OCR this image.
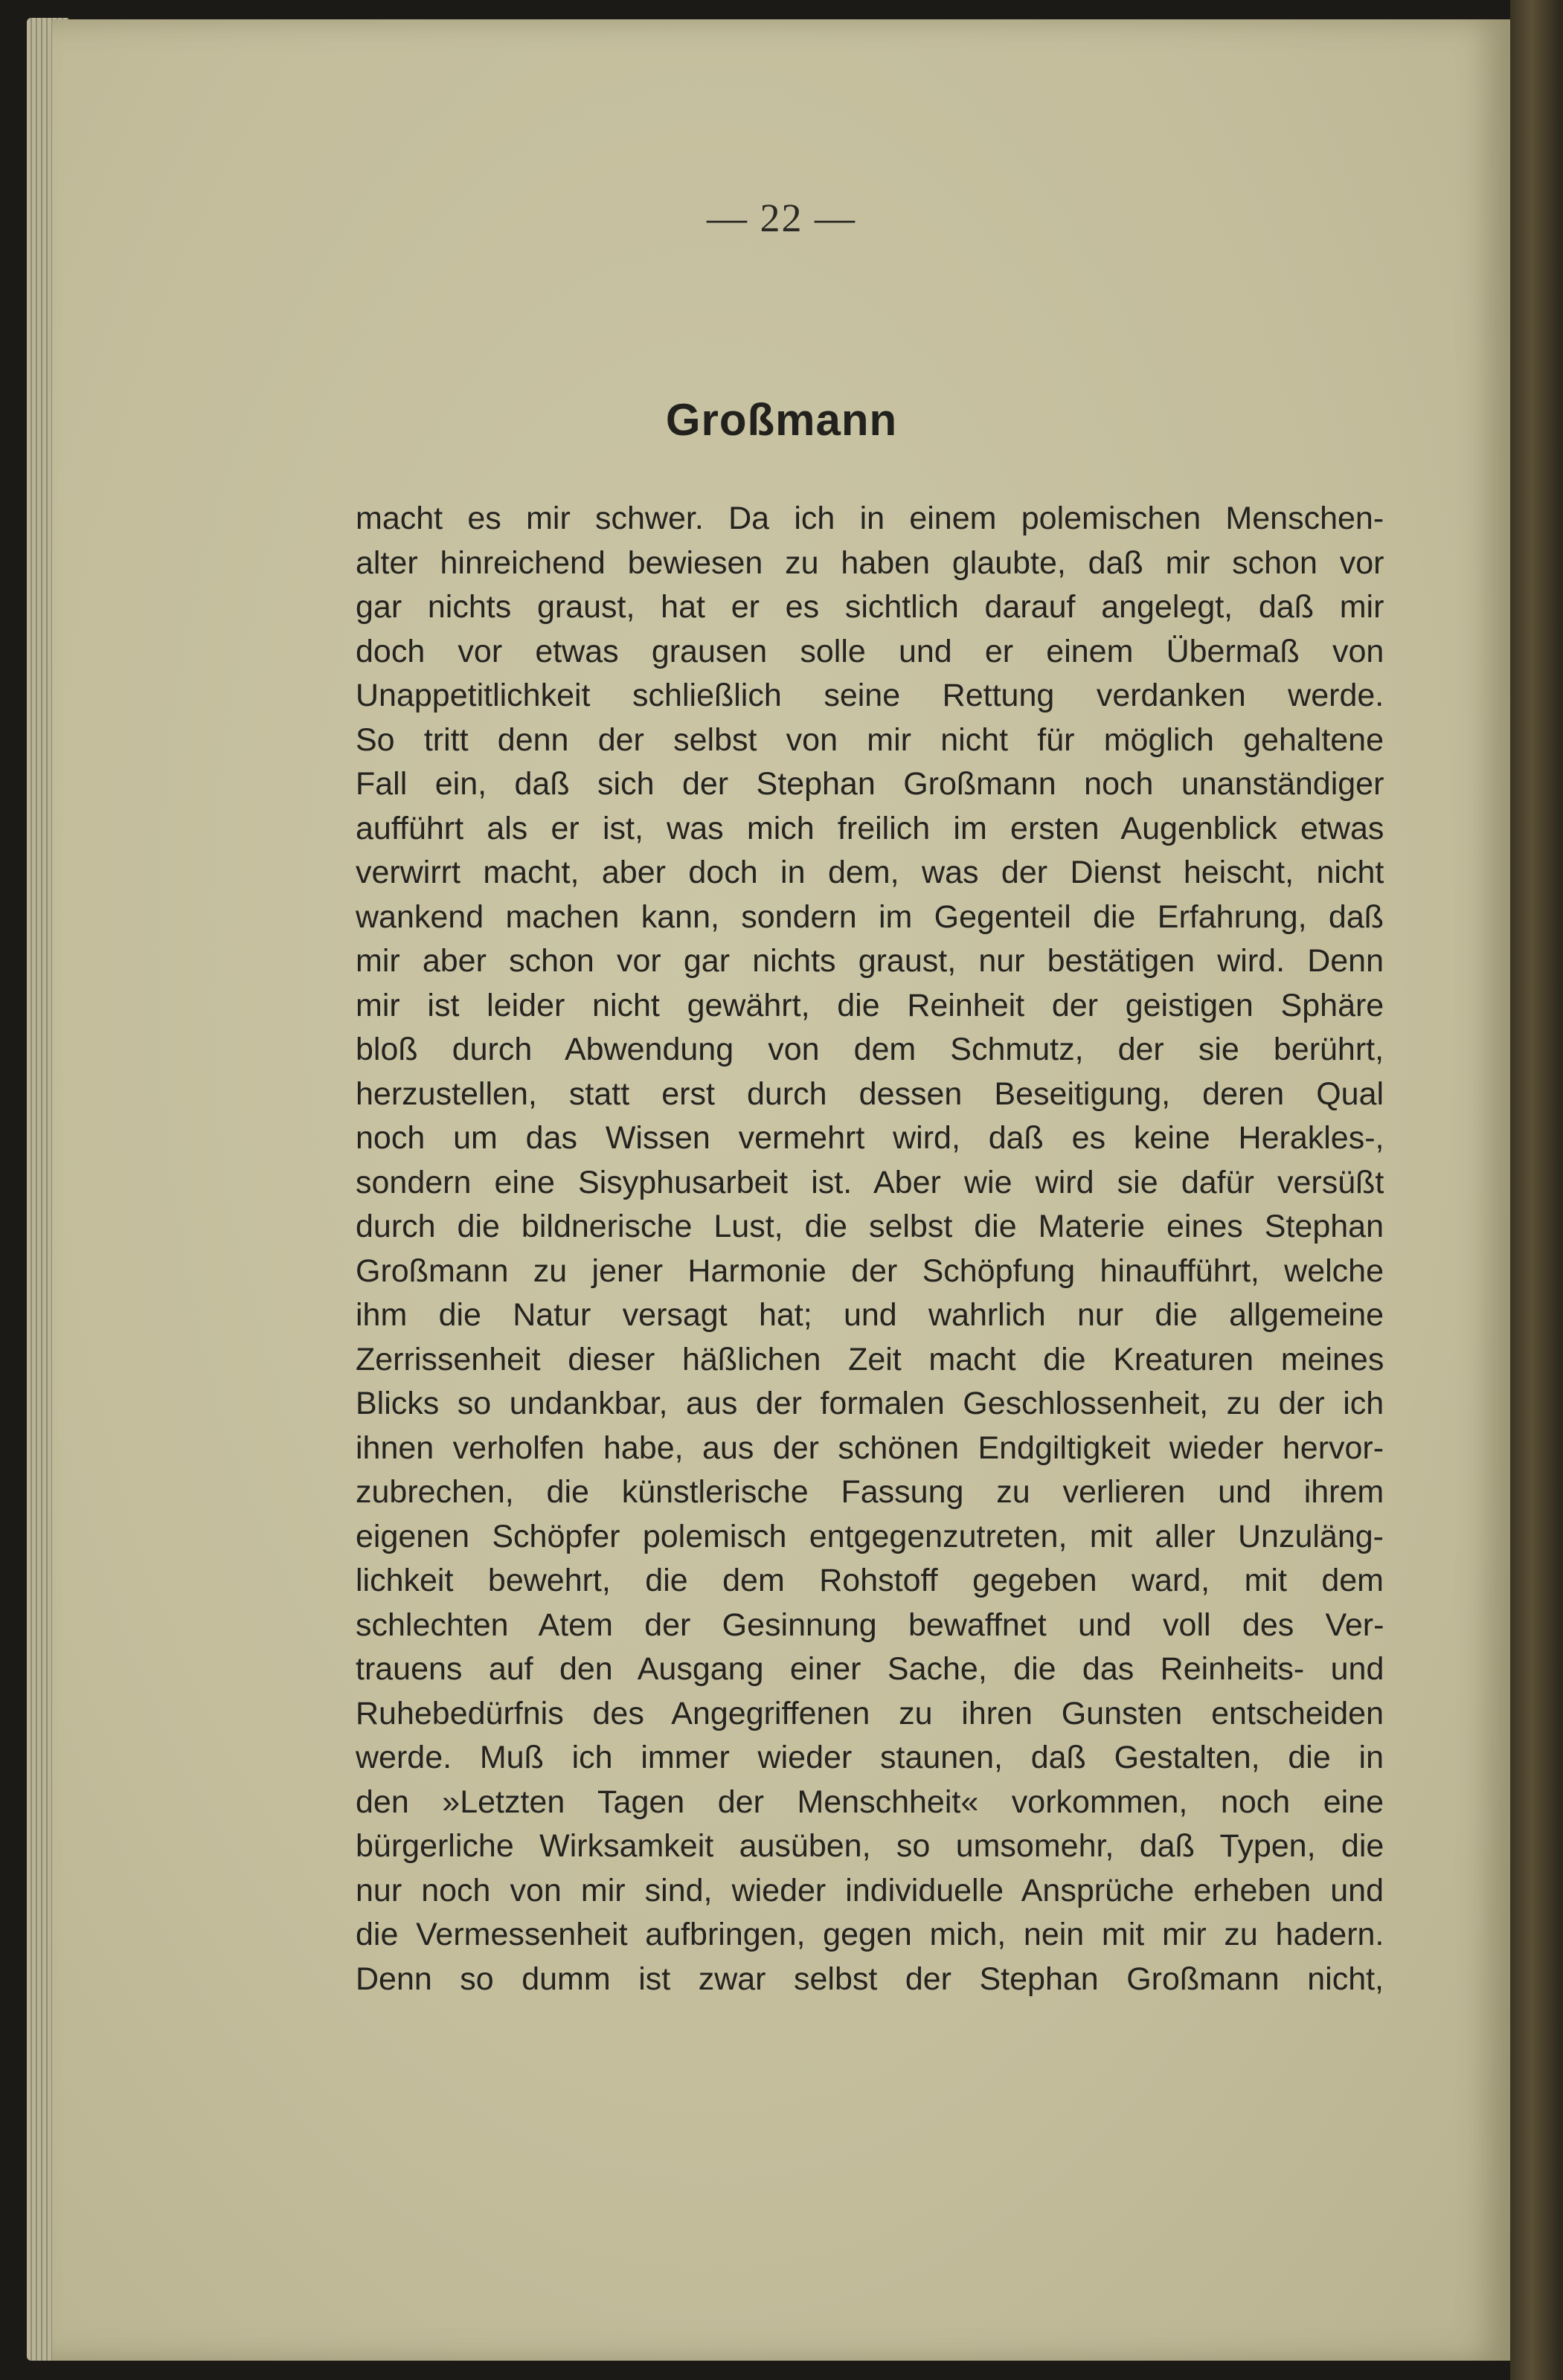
— 22 —
Großmann
macht es mir schwer. Da ich in einem polemischen Menschen-
alter hinreichend bewiesen zu haben glaubte, daß mir schon vor
gar nichts graust, hat er es sichtlich darauf angelegt, daß mir
doch vor etwas grausen solle und er einem Übermaß von
Unappetitlichkeit schließlich seine Rettung verdanken werde.
So tritt denn der selbst von mir nicht für möglich gehaltene
Fall ein, daß sich der Stephan Großmann noch unanständiger
aufführt als er ist, was mich freilich im ersten Augenblick etwas
verwirrt macht, aber doch in dem, was der Dienst heischt, nicht
wankend machen kann, sondern im Gegenteil die Erfahrung, daß
mir aber schon vor gar nichts graust, nur bestätigen wird. Denn
mir ist leider nicht gewährt, die Reinheit der geistigen Sphäre
bloß durch Abwendung von dem Schmutz, der sie berührt,
herzustellen, statt erst durch dessen Beseitigung, deren Qual
noch um das Wissen vermehrt wird, daß es keine Herakles-,
sondern eine Sisyphusarbeit ist. Aber wie wird sie dafür versüßt
durch die bildnerische Lust, die selbst die Materie eines Stephan
Großmann zu jener Harmonie der Schöpfung hinaufführt, welche
ihm die Natur versagt hat; und wahrlich nur die allgemeine
Zerrissenheit dieser häßlichen Zeit macht die Kreaturen meines
Blicks so undankbar, aus der formalen Geschlossenheit, zu der ich
ihnen verholfen habe, aus der schönen Endgiltigkeit wieder hervor-
zubrechen, die künstlerische Fassung zu verlieren und ihrem
eigenen Schöpfer polemisch entgegenzutreten, mit aller Unzuläng-
lichkeit bewehrt, die dem Rohstoff gegeben ward, mit dem
schlechten Atem der Gesinnung bewaffnet und voll des Ver-
trauens auf den Ausgang einer Sache, die das Reinheits- und
Ruhebedürfnis des Angegriffenen zu ihren Gunsten entscheiden
werde. Muß ich immer wieder staunen, daß Gestalten, die in
den »Letzten Tagen der Menschheit« vorkommen, noch eine
bürgerliche Wirksamkeit ausüben, so umsomehr, daß Typen, die
nur noch von mir sind, wieder individuelle Ansprüche erheben und
die Vermessenheit aufbringen, gegen mich, nein mit mir zu hadern.
Denn so dumm ist zwar selbst der Stephan Großmann nicht,
